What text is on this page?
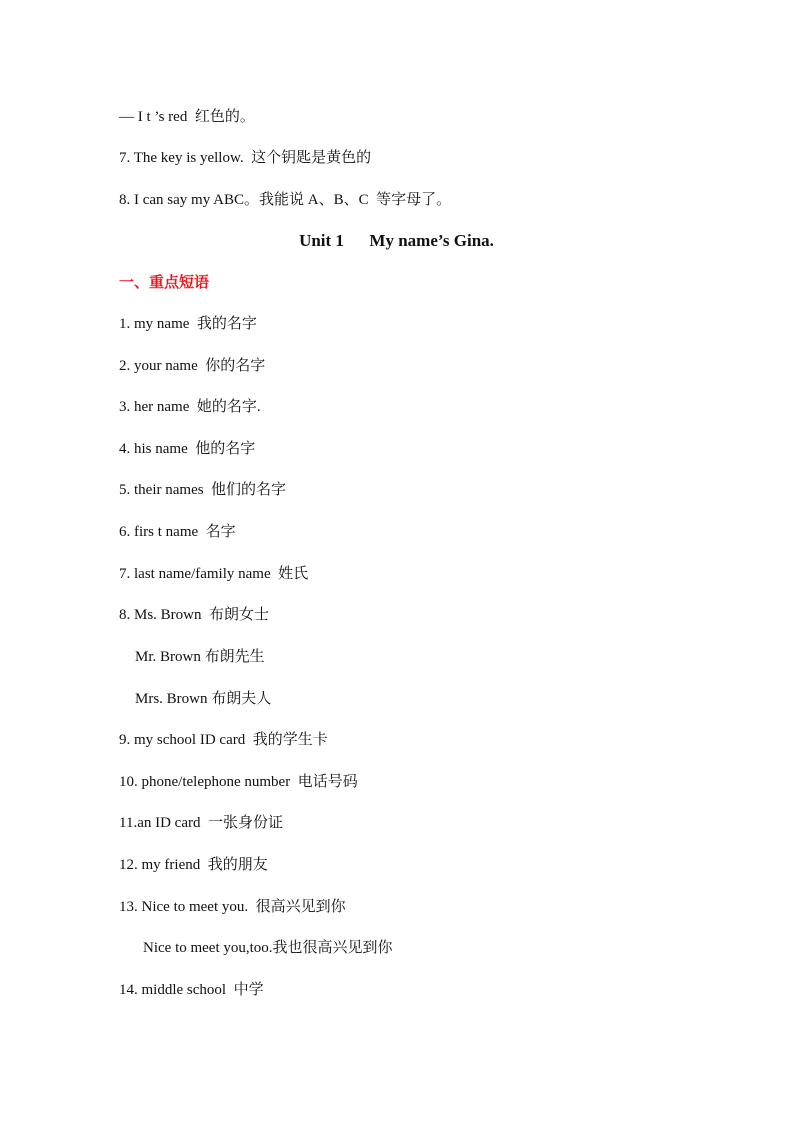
— I t ’s red  红色的。
7. The key is yellow.  这个钥匙是黄色的
8. I can say my ABC。我能说 A、B、C  等字母了。
Unit 1      My name’s Gina.
一、重点短语
1. my name  我的名字
2. your name  你的名字
3. her name  她的名字.
4. his name  他的名字
5. their names  他们的名字
6. firs t name  名字
7. last name/family name  姓氏
8. Ms. Brown  布朗女士
Mr. Brown 布朗先生
Mrs. Brown 布朗夫人
9. my school ID card  我的学生卡
10. phone/telephone number  电话号码
11.an ID card  一张身份证
12. my friend  我的朋友
13. Nice to meet you.  很高兴见到你
Nice to meet you,too.我也很高兴见到你
14. middle school  中学
